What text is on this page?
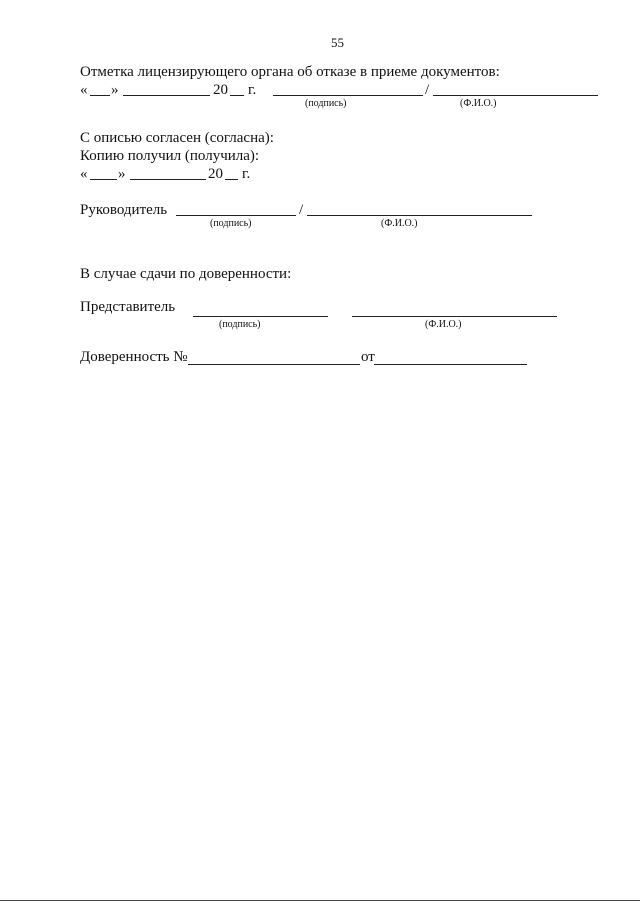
55
Отметка лицензирующего органа об отказе в приеме документов:
« »	20 г.	/
(подпись)	(Ф.И.О.)
С описью согласен (согласна):
Копию получил (получила):
« »	20 г.
Руководитель	/
(подпись)	(Ф.И.О.)
В случае сдачи по доверенности:
Представитель
(подпись)	(Ф.И.О.)
Доверенность №	от
